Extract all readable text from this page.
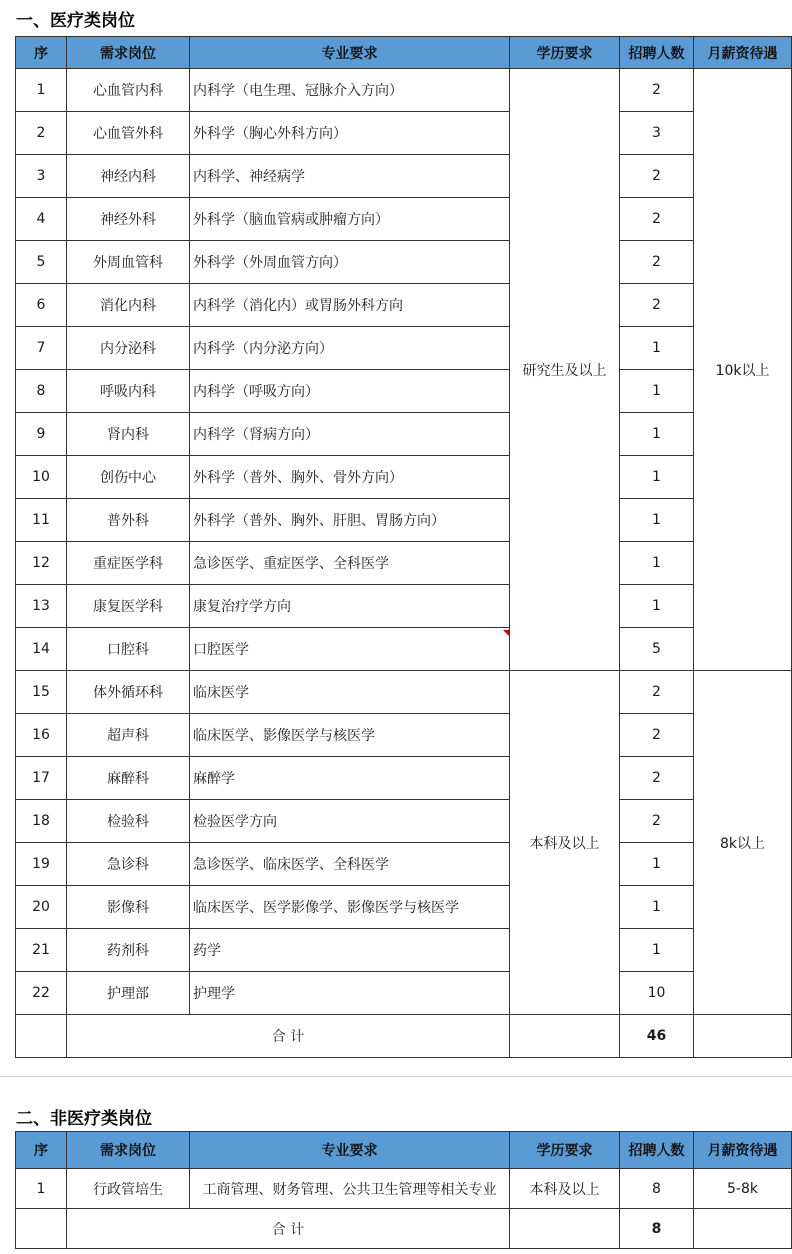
一、医疗类岗位
序	需求岗位	专业要求	学历要求	招聘人数	月薪资待遇
1	心血管内科	内科学（电生理、冠脉介入方向）	研究生及以上	2	10k以上
2	心血管外科	外科学（胸心外科方向）		3	
3	神经内科	内科学、神经病学		2	
4	神经外科	外科学（脑血管病或肿瘤方向）		2	
5	外周血管科	外科学（外周血管方向）		2	
6	消化内科	内科学（消化内）或胃肠外科方向		2	
7	内分泌科	内科学（内分泌方向）		1	
8	呼吸内科	内科学（呼吸方向）		1	
9	肾内科	内科学（肾病方向）		1	
10	创伤中心	外科学（普外、胸外、骨外方向）		1	
11	普外科	外科学（普外、胸外、肝胆、胃肠方向）		1	
12	重症医学科	急诊医学、重症医学、全科医学		1	
13	康复医学科	康复治疗学方向		1	
14	口腔科	口腔医学		5	
15	体外循环科	临床医学	本科及以上	2	8k以上
16	超声科	临床医学、影像医学与核医学		2	
17	麻醉科	麻醉学		2	
18	检验科	检验医学方向		2	
19	急诊科	急诊医学、临床医学、全科医学		1	
20	影像科	临床医学、医学影像学、影像医学与核医学		1	
21	药剂科	药学		1	
22	护理部	护理学		10	
	合 计			46	
二、非医疗类岗位
序	需求岗位	专业要求	学历要求	招聘人数	月薪资待遇
1	行政管培生	工商管理、财务管理、公共卫生管理等相关专业	本科及以上	8	5-8k
	合 计			8	
